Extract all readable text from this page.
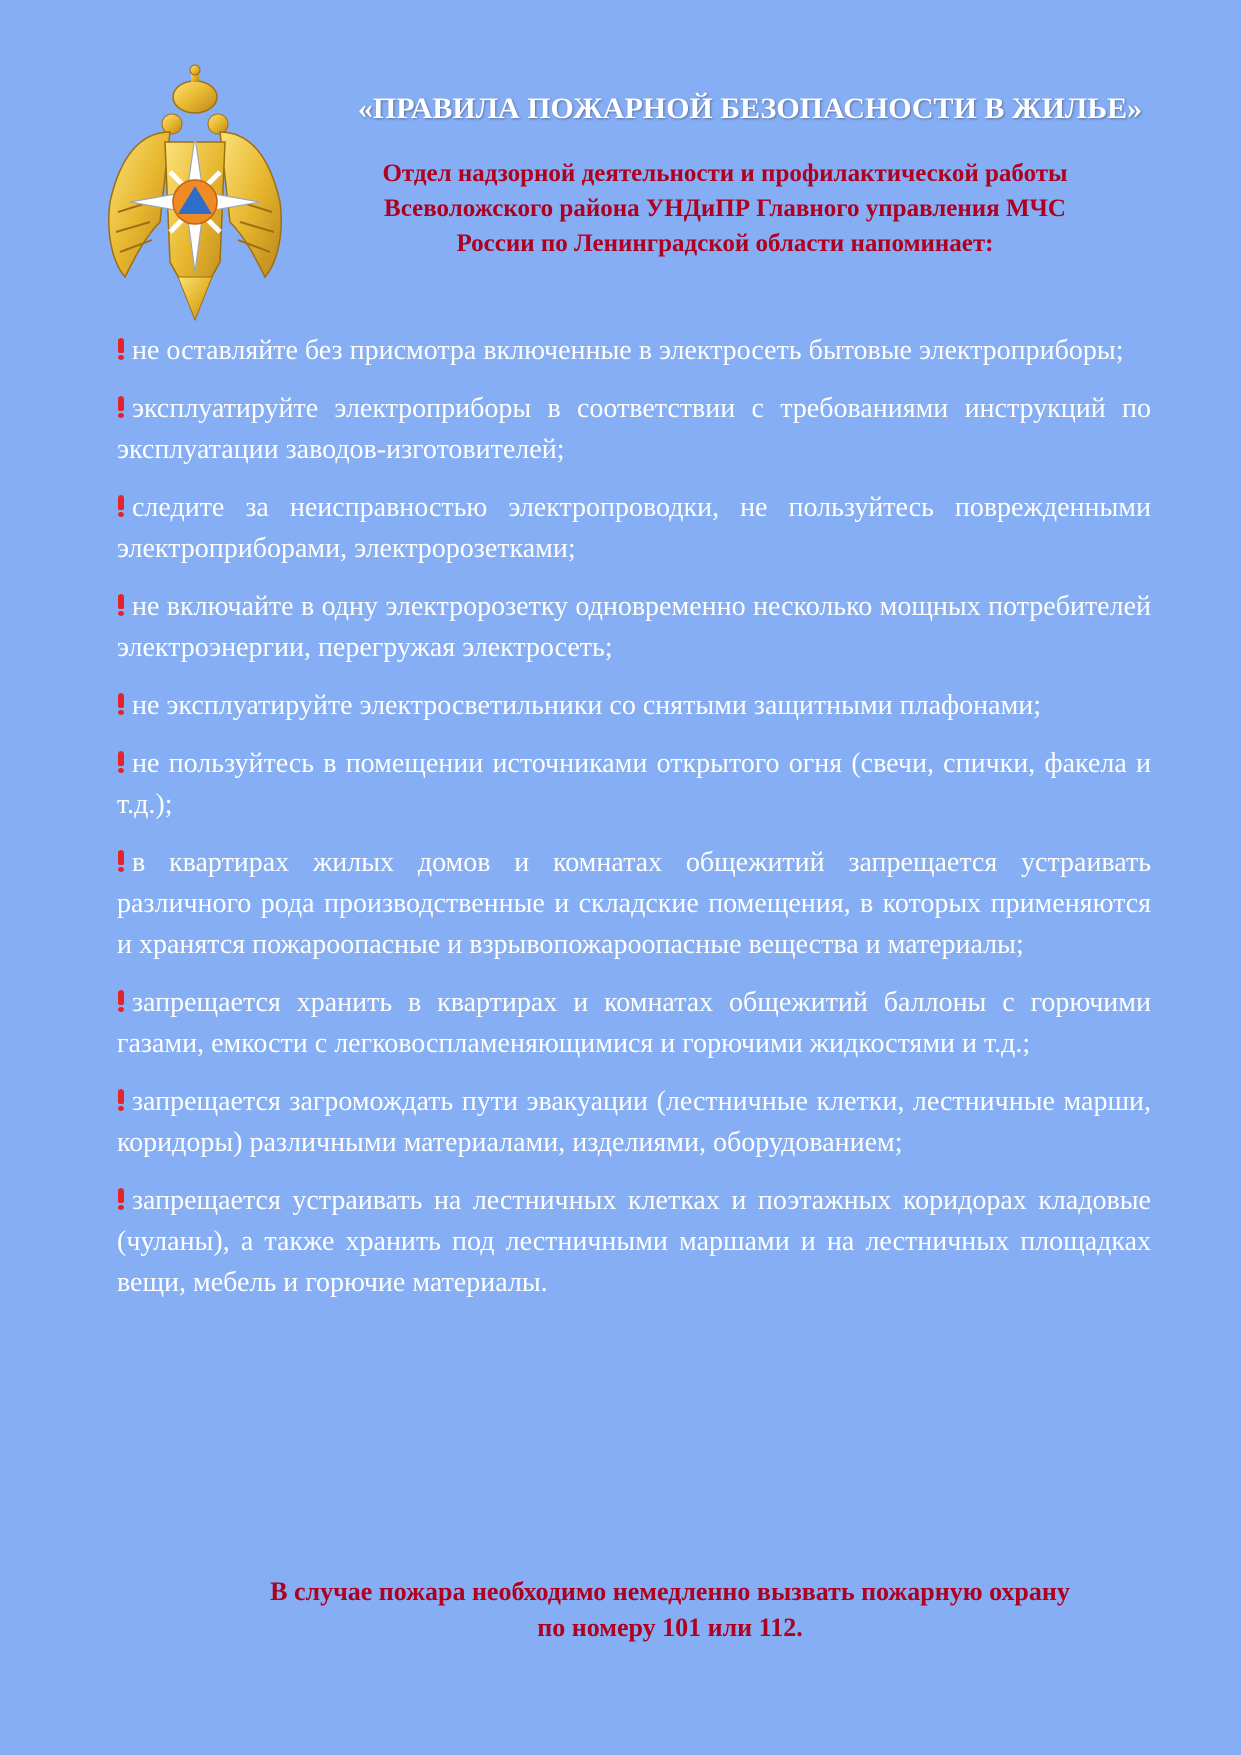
«ПРАВИЛА ПОЖАРНОЙ БЕЗОПАСНОСТИ В ЖИЛЬЕ»
Отдел надзорной деятельности и профилактической работы
Всеволожского района УНДиПР Главного управления МЧС
России по Ленинградской области напоминает:

не оставляйте без присмотра включенные в электросеть бытовые электроприборы;

эксплуатируйте электроприборы в соответствии с требованиями инструкций по эксплуатации заводов-изготовителей;

следите за неисправностью электропроводки, не пользуйтесь поврежденными электроприборами, электророзетками;

не включайте в одну электророзетку одновременно несколько мощных потребителей электроэнергии, перегружая электросеть;

не эксплуатируйте электросветильники со снятыми защитными плафонами;

не пользуйтесь в помещении источниками открытого огня (свечи, спички, факела и т.д.);

в квартирах жилых домов и комнатах общежитий запрещается устраивать различного рода производственные и складские помещения, в которых применяются и хранятся пожароопасные и взрывопожароопасные вещества и материалы;

запрещается хранить в квартирах и комнатах общежитий баллоны с горючими газами, емкости с легковоспламеняющимися и горючими жидкостями и т.д.;

запрещается загромождать пути эвакуации (лестничные клетки, лестничные марши, коридоры) различными материалами, изделиями, оборудованием;

запрещается устраивать на лестничных клетках и поэтажных коридорах кладовые (чуланы), а также хранить под лестничными маршами и на лестничных площадках вещи, мебель и горючие материалы.

В случае пожара необходимо немедленно вызвать пожарную охрану
по номеру 101 или 112.
